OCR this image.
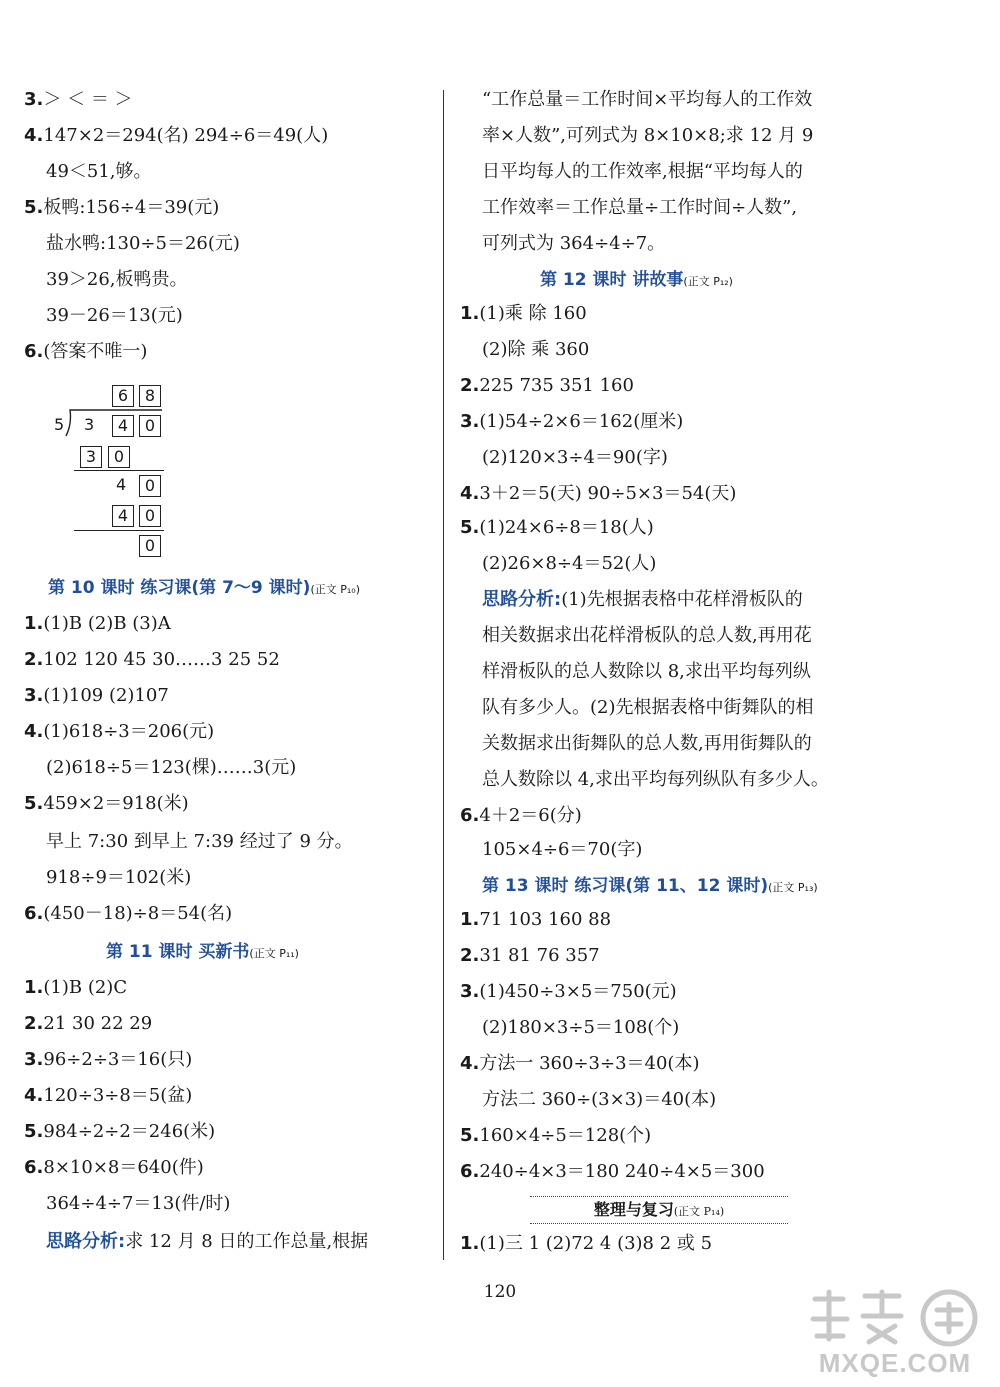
3.＞ ＜ ＝ ＞
4.147×2＝294(名) 294÷6＝49(人)
49＜51,够。
5.板鸭:156÷4＝39(元)
盐水鸭:130÷5＝26(元)
39＞26,板鸭贵。
39－26＝13(元)
6.(答案不唯一)
6	8
5 3	4	0
3	0
4	0
4	0
0
第 10 课时 练习课(第 7～9 课时)(正文 P₁₀)
1.(1)B (2)B (3)A
2.102 120 45 30……3 25 52
3.(1)109 (2)107
4.(1)618÷3＝206(元)
(2)618÷5＝123(棵)……3(元)
5.459×2＝918(米)
早上 7:30 到早上 7:39 经过了 9 分。
918÷9＝102(米)
6.(450－18)÷8＝54(名)
第 11 课时 买新书(正文 P₁₁)
1.(1)B (2)C
2.21 30 22 29
3.96÷2÷3＝16(只)
4.120÷3÷8＝5(盆)
5.984÷2÷2＝246(米)
6.8×10×8＝640(件)
364÷4÷7＝13(件/时)
思路分析:求 12 月 8 日的工作总量,根据
“工作总量＝工作时间×平均每人的工作效
率×人数”,可列式为 8×10×8;求 12 月 9
日平均每人的工作效率,根据“平均每人的
工作效率＝工作总量÷工作时间÷人数”,
可列式为 364÷4÷7。
第 12 课时 讲故事(正文 P₁₂)
1.(1)乘 除 160
(2)除 乘 360
2.225 735 351 160
3.(1)54÷2×6＝162(厘米)
(2)120×3÷4＝90(字)
4.3＋2＝5(天) 90÷5×3＝54(天)
5.(1)24×6÷8＝18(人)
(2)26×8÷4＝52(人)
思路分析:(1)先根据表格中花样滑板队的
相关数据求出花样滑板队的总人数,再用花
样滑板队的总人数除以 8,求出平均每列纵
队有多少人。(2)先根据表格中街舞队的相
关数据求出街舞队的总人数,再用街舞队的
总人数除以 4,求出平均每列纵队有多少人。
6.4＋2＝6(分)
105×4÷6＝70(字)
第 13 课时 练习课(第 11、12 课时)(正文 P₁₃)
1.71 103 160 88
2.31 81 76 357
3.(1)450÷3×5＝750(元)
(2)180×3÷5＝108(个)
4.方法一 360÷3÷3＝40(本)
方法二 360÷(3×3)＝40(本)
5.160×4÷5＝128(个)
6.240÷4×3＝180 240÷4×5＝300
整理与复习(正文 P₁₄)
1.(1)三 1 (2)72 4 (3)8 2 或 5
120
MXQE.COM
